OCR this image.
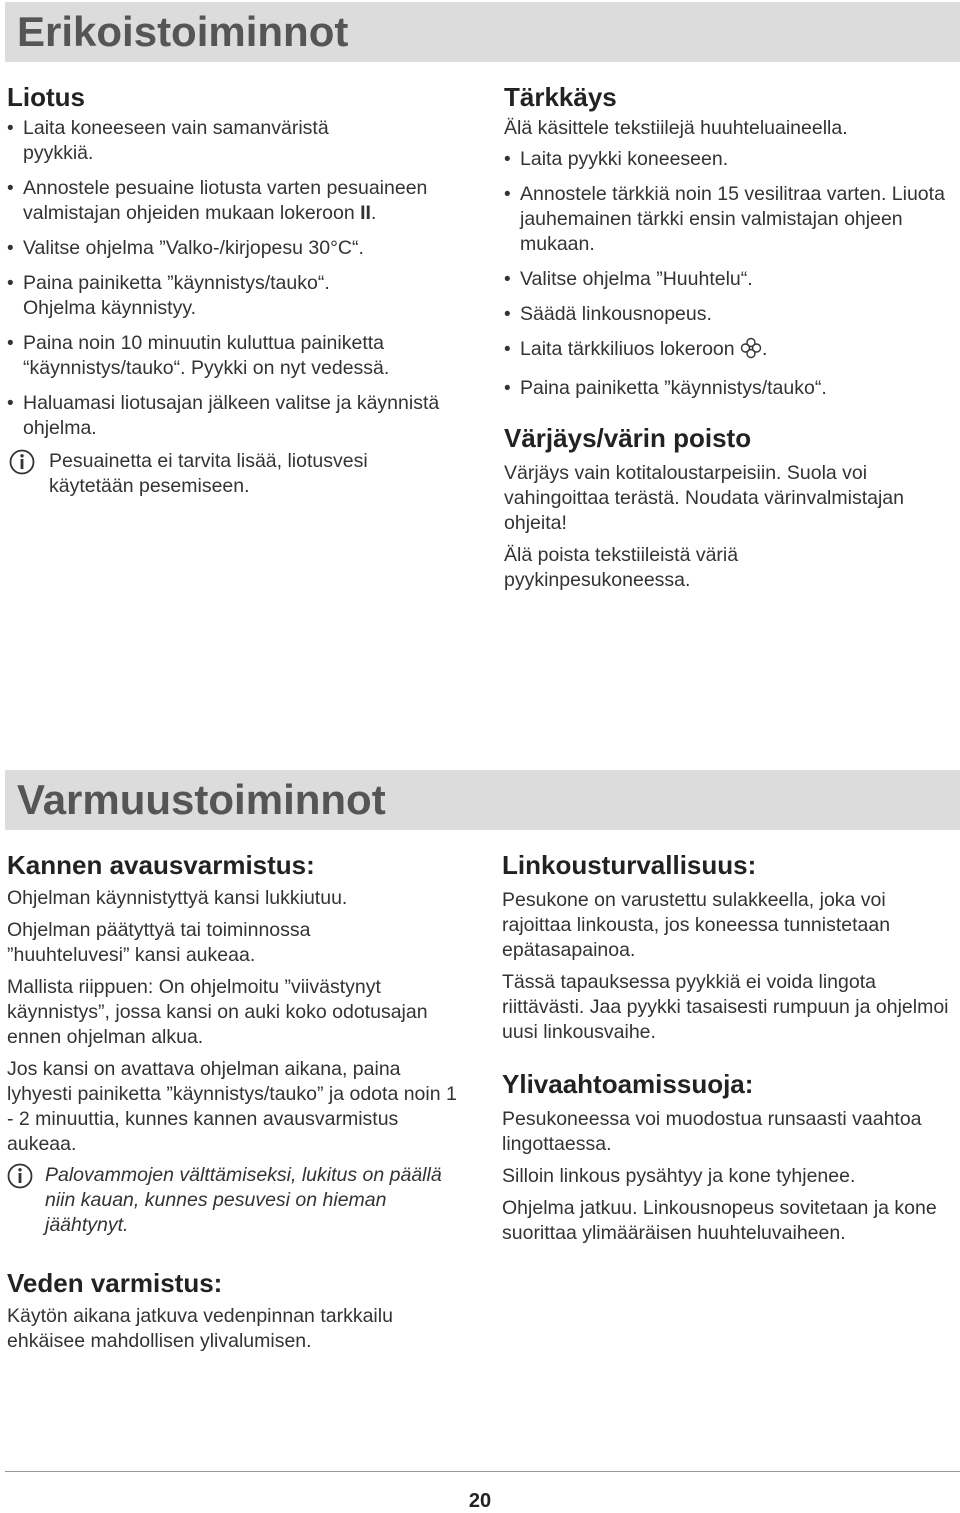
Erikoistoiminnot
Liotus
• Laita koneeseen vain samanväristä pyykkiä.
• Annostele pesuaine liotusta varten pesuaineen valmistajan ohjeiden mukaan lokeroon II.
• Valitse ohjelma ”Valko-/kirjopesu 30°C“.
• Paina painiketta ”käynnistys/tauko“. Ohjelma käynnistyy.
• Paina noin 10 minuutin kuluttua painiketta “käynnistys/tauko“. Pyykki on nyt vedessä.
• Haluamasi liotusajan jälkeen valitse ja käynnistä ohjelma.
Pesuainetta ei tarvita lisää, liotusvesi käytetään pesemiseen.
Tärkkäys

Älä käsittele tekstiilejä huuhteluaineella.

• Laita pyykki koneeseen.
• Annostele tärkkiä noin 15 vesilitraa varten. Liuota jauhemainen tärkki ensin valmistajan ohjeen mukaan.
• Valitse ohjelma ”Huuhtelu“.
• Säädä linkousnopeus.
• Laita tärkkiliuos lokeroon .
• Paina painiketta ”käynnistys/tauko“.
Värjäys/värin poisto

Värjäys vain kotitaloustarpeisiin. Suola voi vahingoittaa terästä. Noudata värinvalmistajan ohjeita!

Älä poista tekstiileistä väriä pyykinpesukoneessa.

Varmuustoiminnot
Kannen avausvarmistus:

Ohjelman käynnistyttyä kansi lukkiutuu.

Ohjelman päätyttyä tai toiminnossa ”huuhteluvesi” kansi aukeaa.

Mallista riippuen: On ohjelmoitu ”viivästynyt käynnistys”, jossa kansi on auki koko odotusajan ennen ohjelman alkua.

Jos kansi on avattava ohjelman aikana, paina lyhyesti painiketta ”käynnistys/tauko” ja odota noin 1 - 2 minuuttia, kunnes kannen avausvarmistus aukeaa.

Palovammojen välttämiseksi, lukitus on päällä niin kauan, kunnes pesuvesi on hieman jäähtynyt.
Veden varmistus:

Käytön aikana jatkuva vedenpinnan tarkkailu ehkäisee mahdollisen ylivalumisen.

Linkousturvallisuus:

Pesukone on varustettu sulakkeella, joka voi rajoittaa linkousta, jos koneessa tunnistetaan epätasapainoa.

Tässä tapauksessa pyykkiä ei voida lingota riittävästi. Jaa pyykki tasaisesti rumpuun ja ohjelmoi uusi linkousvaihe.

Ylivaahtoamissuoja:

Pesukoneessa voi muodostua runsaasti vaahtoa lingottaessa.

Silloin linkous pysähtyy ja kone tyhjenee.

Ohjelma jatkuu. Linkousnopeus sovitetaan ja kone suorittaa ylimääräisen huuhteluvaiheen.

20
